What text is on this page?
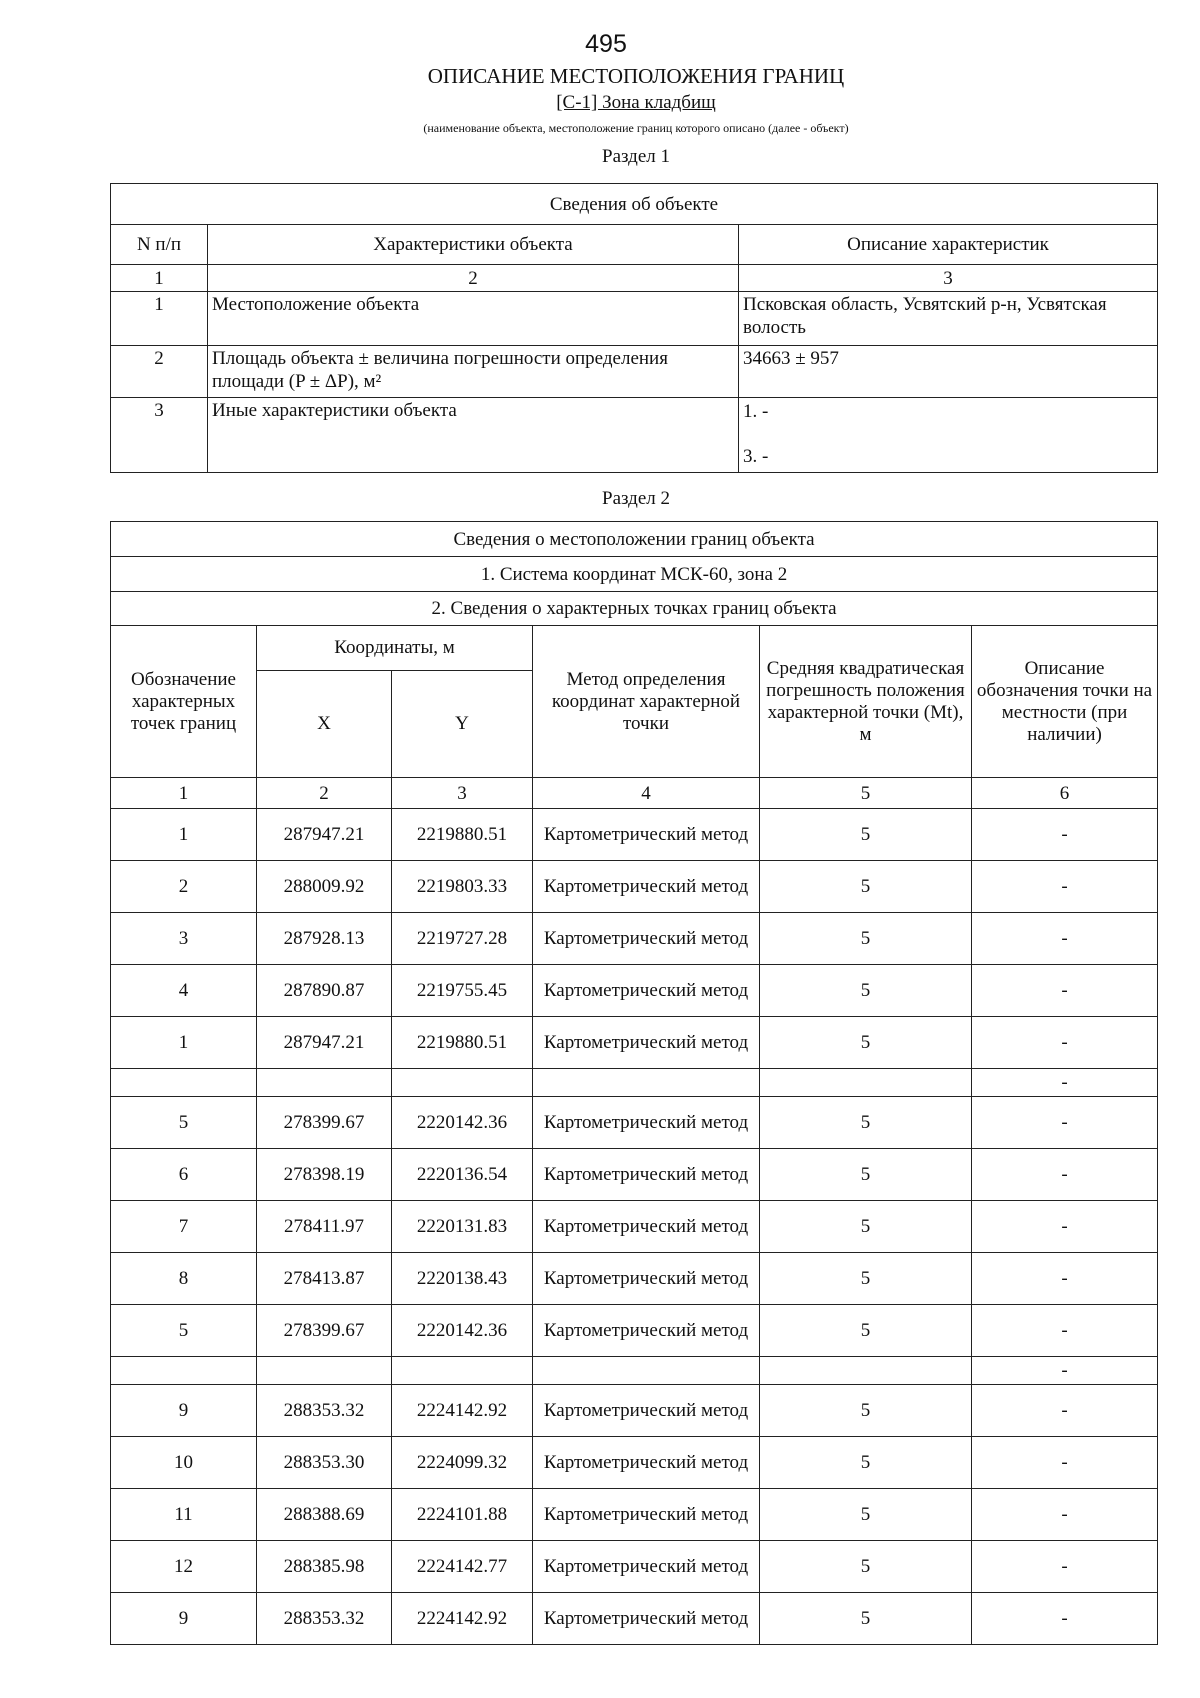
495
ОПИСАНИЕ МЕСТОПОЛОЖЕНИЯ ГРАНИЦ
[С-1] Зона кладбищ
(наименование объекта, местоположение границ которого описано (далее - объект)
Раздел 1
Сведения об объекте		
N п/п	Характеристики объекта	Описание характеристик
1	2	3
1	Местоположение объекта	Псковская область, Усвятский р-н, Усвятская волость
2	Площадь объекта ± величина погрешности определения площади (P ± ΔP), м²	34663 ± 957
3	Иные характеристики объекта	1. -
3. -
Раздел 2
Сведения о местоположении границ объекта					
1. Система координат МСК-60, зона 2					
2. Сведения о характерных точках границ объекта					
Обозначение характерных точек границ	Координаты, м		Метод определения координат характерной точки	Средняя квадратическая погрешность положения характерной точки (Mt), м	Описание обозначения точки на местности (при наличии)
	X	Y			
1	2	3	4	5	6
1	287947.21	2219880.51	Картометрический метод	5	-
2	288009.92	2219803.33	Картометрический метод	5	-
3	287928.13	2219727.28	Картометрический метод	5	-
4	287890.87	2219755.45	Картометрический метод	5	-
1	287947.21	2219880.51	Картометрический метод	5	-
					-
5	278399.67	2220142.36	Картометрический метод	5	-
6	278398.19	2220136.54	Картометрический метод	5	-
7	278411.97	2220131.83	Картометрический метод	5	-
8	278413.87	2220138.43	Картометрический метод	5	-
5	278399.67	2220142.36	Картометрический метод	5	-
					-
9	288353.32	2224142.92	Картометрический метод	5	-
10	288353.30	2224099.32	Картометрический метод	5	-
11	288388.69	2224101.88	Картометрический метод	5	-
12	288385.98	2224142.77	Картометрический метод	5	-
9	288353.32	2224142.92	Картометрический метод	5	-
